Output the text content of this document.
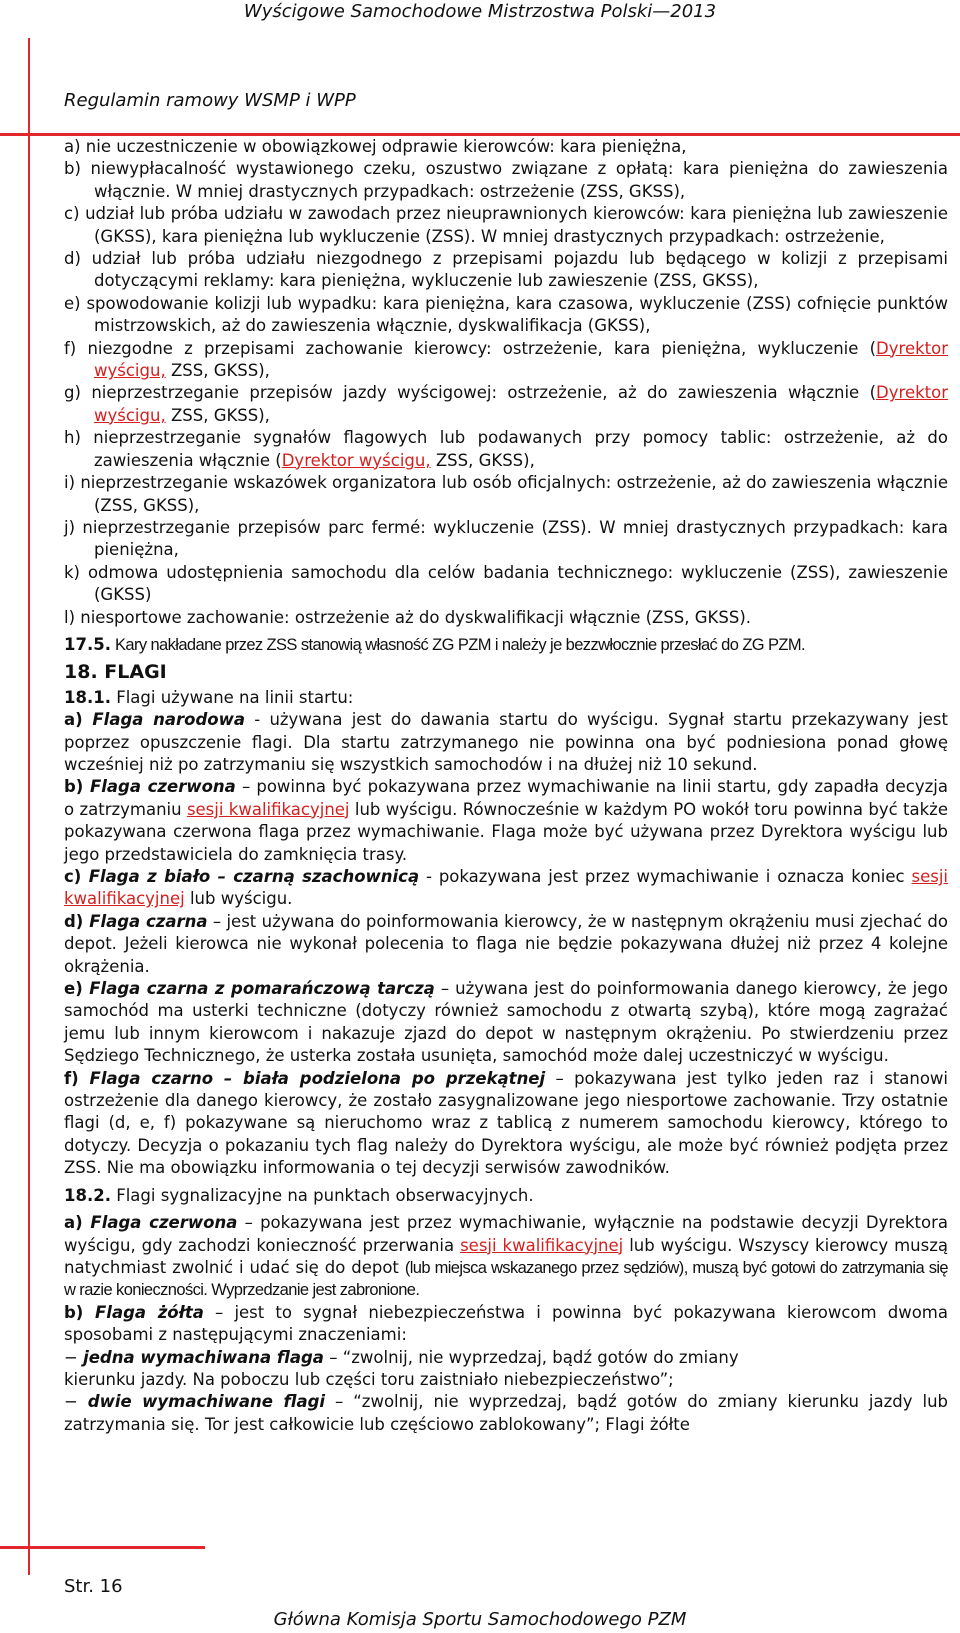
Wyścigowe Samochodowe Mistrzostwa Polski—2013
Regulamin ramowy WSMP i WPP

a) nie uczestniczenie w obowiązkowej odprawie kierowców: kara pieniężna,

b) niewypłacalność wystawionego czeku, oszustwo związane z opłatą: kara pieniężna do zawieszenia włącznie. W mniej drastycznych przypadkach: ostrzeżenie (ZSS, GKSS),

c) udział lub próba udziału w zawodach przez nieuprawnionych kierowców: kara pieniężna lub zawieszenie (GKSS), kara pieniężna lub wykluczenie (ZSS). W mniej drastycznych przypadkach: ostrzeżenie,

d) udział lub próba udziału niezgodnego z przepisami pojazdu lub będącego w kolizji z przepisami dotyczącymi reklamy: kara pieniężna, wykluczenie lub zawieszenie (ZSS, GKSS),

e) spowodowanie kolizji lub wypadku: kara pieniężna, kara czasowa, wykluczenie (ZSS) cofnięcie punktów mistrzowskich, aż do zawieszenia włącznie, dyskwalifikacja (GKSS),

f) niezgodne z przepisami zachowanie kierowcy: ostrzeżenie, kara pieniężna, wykluczenie (Dyrektor wyścigu, ZSS, GKSS),

g) nieprzestrzeganie przepisów jazdy wyścigowej: ostrzeżenie, aż do zawieszenia włącznie (Dyrektor wyścigu, ZSS, GKSS),

h) nieprzestrzeganie sygnałów flagowych lub podawanych przy pomocy tablic: ostrzeżenie, aż do zawieszenia włącznie (Dyrektor wyścigu, ZSS, GKSS),

i) nieprzestrzeganie wskazówek organizatora lub osób oficjalnych: ostrzeżenie, aż do zawieszenia włącznie (ZSS, GKSS),

j) nieprzestrzeganie przepisów parc fermé: wykluczenie (ZSS). W mniej drastycznych przypadkach: kara pieniężna,

k) odmowa udostępnienia samochodu dla celów badania technicznego: wykluczenie (ZSS), zawieszenie (GKSS)

l) niesportowe zachowanie: ostrzeżenie aż do dyskwalifikacji włącznie (ZSS, GKSS).

17.5. Kary nakładane przez ZSS stanowią własność ZG PZM i należy je bezzwłocznie przesłać do ZG PZM.

18. FLAGI

18.1. Flagi używane na linii startu:

a) Flaga narodowa - używana jest do dawania startu do wyścigu. Sygnał startu przekazywany jest poprzez opuszczenie flagi. Dla startu zatrzymanego nie powinna ona być podniesiona ponad głowę wcześniej niż po zatrzymaniu się wszystkich samochodów i na dłużej niż 10 sekund.

b) Flaga czerwona – powinna być pokazywana przez wymachiwanie na linii startu, gdy zapadła decyzja o zatrzymaniu sesji kwalifikacyjnej lub wyścigu. Równocześnie w każdym PO wokół toru powinna być także pokazywana czerwona flaga przez wymachiwanie. Flaga może być używana przez Dyrektora wyścigu lub jego przedstawiciela do zamknięcia trasy.

c) Flaga z biało – czarną szachownicą - pokazywana jest przez wymachiwanie i oznacza koniec sesji kwalifikacyjnej lub wyścigu.

d) Flaga czarna – jest używana do poinformowania kierowcy, że w następnym okrążeniu musi zjechać do depot. Jeżeli kierowca nie wykonał polecenia to flaga nie będzie pokazywana dłużej niż przez 4 kolejne okrążenia.

e) Flaga czarna z pomarańczową tarczą – używana jest do poinformowania danego kierowcy, że jego samochód ma usterki techniczne (dotyczy również samochodu z otwartą szybą), które mogą zagrażać jemu lub innym kierowcom i nakazuje zjazd do depot w następnym okrążeniu. Po stwierdzeniu przez Sędziego Technicznego, że usterka została usunięta, samochód może dalej uczestniczyć w wyścigu.

f) Flaga czarno – biała podzielona po przekątnej – pokazywana jest tylko jeden raz i stanowi ostrzeżenie dla danego kierowcy, że zostało zasygnalizowane jego niesportowe zachowanie. Trzy ostatnie flagi (d, e, f) pokazywane są nieruchomo wraz z tablicą z numerem samochodu kierowcy, którego to dotyczy. Decyzja o pokazaniu tych flag należy do Dyrektora wyścigu, ale może być również podjęta przez ZSS. Nie ma obowiązku informowania o tej decyzji serwisów zawodników.

18.2. Flagi sygnalizacyjne na punktach obserwacyjnych.

a) Flaga czerwona – pokazywana jest przez wymachiwanie, wyłącznie na podstawie decyzji Dyrektora wyścigu, gdy zachodzi konieczność przerwania sesji kwalifikacyjnej lub wyścigu. Wszyscy kierowcy muszą natychmiast zwolnić i udać się do depot (lub miejsca wskazanego przez sędziów), muszą być gotowi do zatrzymania się w razie konieczności. Wyprzedzanie jest zabronione.

b) Flaga żółta – jest to sygnał niebezpieczeństwa i powinna być pokazywana kierowcom dwoma sposobami z następującymi znaczeniami:

− jedna wymachiwana flaga – “zwolnij, nie wyprzedzaj, bądź gotów do zmiany
kierunku jazdy. Na poboczu lub części toru zaistniało niebezpieczeństwo”;

− dwie wymachiwane flagi – “zwolnij, nie wyprzedzaj, bądź gotów do zmiany kierunku jazdy lub zatrzymania się. Tor jest całkowicie lub częściowo zablokowany”; Flagi żółte

Str. 16
Główna Komisja Sportu Samochodowego PZM
